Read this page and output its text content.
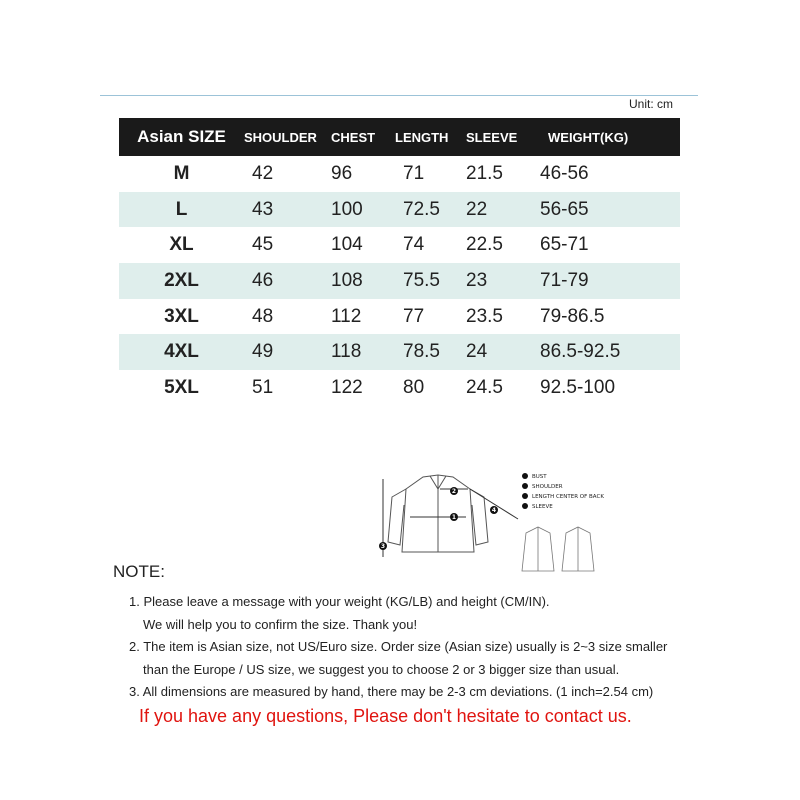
Unit: cm
Asian SIZE	SHOULDER	CHEST	LENGTH	SLEEVE	WEIGHT(KG)
M	42	96	71	21.5	46-56
L	43	100	72.5	22	56-65
XL	45	104	74	22.5	65-71
2XL	46	108	75.5	23	71-79
3XL	48	112	77	23.5	79-86.5
4XL	49	118	78.5	24	86.5-92.5
5XL	51	122	80	24.5	92.5-100
1
2
3
4
BUST
SHOULDER
LENGTH CENTER OF BACK
SLEEVE
NOTE:
1. Please leave a message with your weight (KG/LB) and height (CM/IN).
We will help you to confirm the size. Thank you!
2. The item is Asian size, not US/Euro size. Order size (Asian size) usually is 2~3 size smaller
than the Europe / US size, we suggest you to choose 2 or 3 bigger size than usual.
3. All dimensions are measured by hand, there may be 2-3 cm deviations. (1 inch=2.54 cm)
If you have any questions, Please don't hesitate to contact us.
